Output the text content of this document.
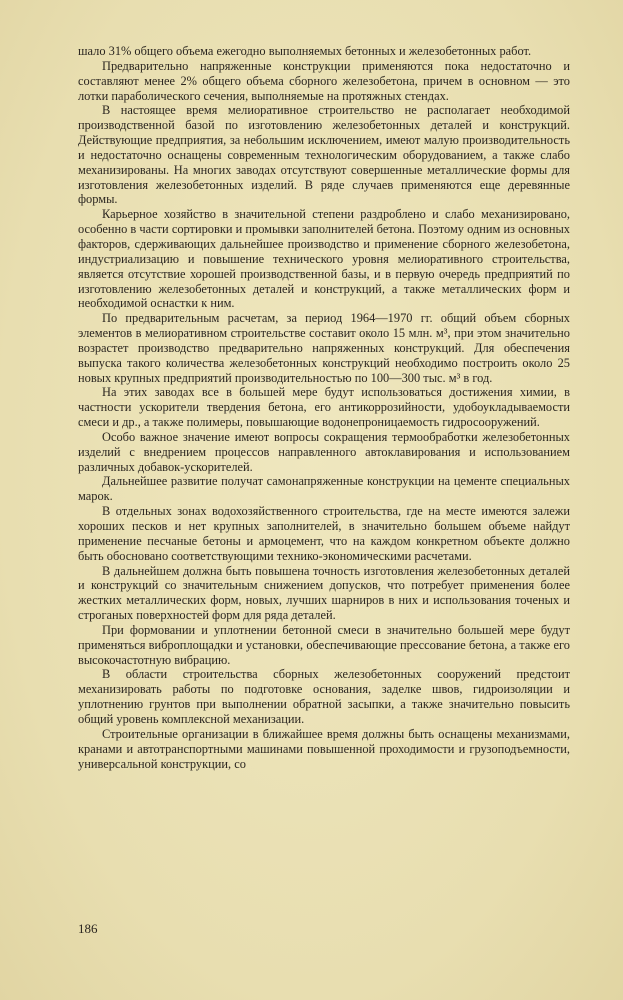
шало 31% общего объема ежегодно выполняемых бетонных и железобетонных работ.

Предварительно напряженные конструкции применяются пока недостаточно и составляют менее 2% общего объема сборного железобетона, причем в основном — это лотки параболического сечения, выполняемые на протяжных стендах.

В настоящее время мелиоративное строительство не располагает необходимой производственной базой по изготовлению железобетонных деталей и конструкций. Действующие предприятия, за небольшим исключением, имеют малую производительность и недостаточно оснащены современным технологическим оборудованием, а также слабо механизированы. На многих заводах отсутствуют совершенные металлические формы для изготовления железобетонных изделий. В ряде случаев применяются еще деревянные формы.

Карьерное хозяйство в значительной степени раздроблено и слабо механизировано, особенно в части сортировки и промывки заполнителей бетона. Поэтому одним из основных факторов, сдерживающих дальнейшее производство и применение сборного железобетона, индустриализацию и повышение технического уровня мелиоративного строительства, является отсутствие хорошей производственной базы, и в первую очередь предприятий по изготовлению железобетонных деталей и конструкций, а также металлических форм и необходимой оснастки к ним.

По предварительным расчетам, за период 1964—1970 гг. общий объем сборных элементов в мелиоративном строительстве составит около 15 млн. м³, при этом значительно возрастет производство предварительно напряженных конструкций. Для обеспечения выпуска такого количества железобетонных конструкций необходимо построить около 25 новых крупных предприятий производительностью по 100—300 тыс. м³ в год.

На этих заводах все в большей мере будут использоваться достижения химии, в частности ускорители твердения бетона, его антикоррозийности, удобоукладываемости смеси и др., а также полимеры, повышающие водонепроницаемость гидросооружений.

Особо важное значение имеют вопросы сокращения термообработки железобетонных изделий с внедрением процессов направленного автоклавирования и использованием различных добавок-ускорителей.

Дальнейшее развитие получат самонапряженные конструкции на цементе специальных марок.

В отдельных зонах водохозяйственного строительства, где на месте имеются залежи хороших песков и нет крупных заполнителей, в значительно большем объеме найдут применение песчаные бетоны и армоцемент, что на каждом конкретном объекте должно быть обосновано соответствующими технико-экономическими расчетами.

В дальнейшем должна быть повышена точность изготовления железобетонных деталей и конструкций со значительным снижением допусков, что потребует применения более жестких металлических форм, новых, лучших шарниров в них и использования точеных и строганых поверхностей форм для ряда деталей.

При формовании и уплотнении бетонной смеси в значительно большей мере будут применяться виброплощадки и установки, обеспечивающие прессование бетона, а также его высокочастотную вибрацию.

В области строительства сборных железобетонных сооружений предстоит механизировать работы по подготовке основания, заделке швов, гидроизоляции и уплотнению грунтов при выполнении обратной засыпки, а также значительно повысить общий уровень комплексной механизации.

Строительные организации в ближайшее время должны быть оснащены механизмами, кранами и автотранспортными машинами повышенной проходимости и грузоподъемности, универсальной конструкции, со

186
